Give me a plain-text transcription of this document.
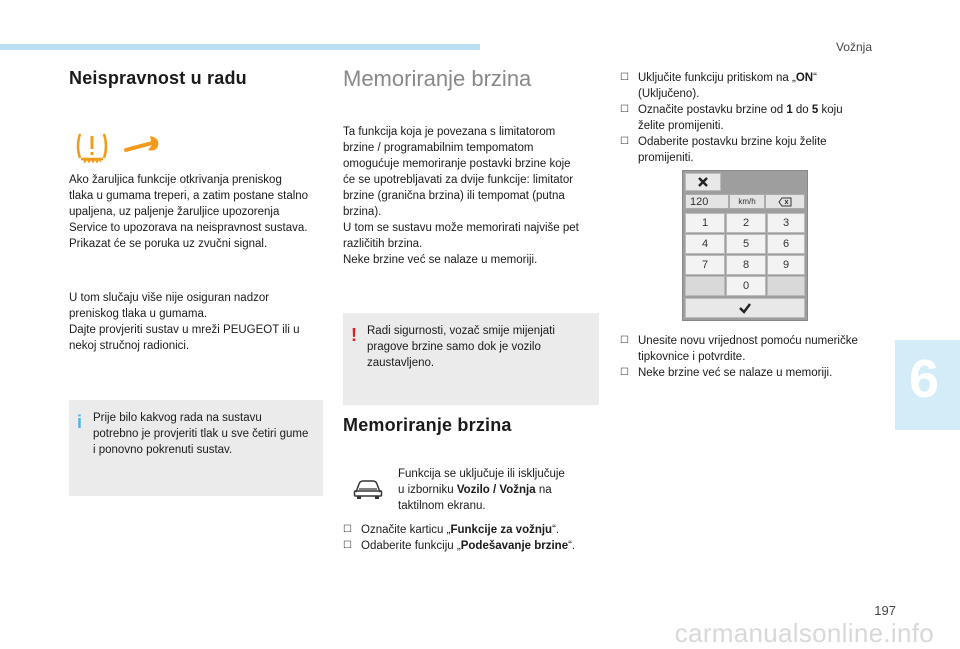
Vožnja
Neispravnost u radu

Ako žaruljica funkcije otkrivanja preniskog

tlaka u gumama treperi, a zatim postane stalno

upaljena, uz paljenje žaruljice upozorenja

Service to upozorava na neispravnost sustava.

Prikazat će se poruka uz zvučni signal.

U tom slučaju više nije osiguran nadzor

preniskog tlaka u gumama.

Dajte provjeriti sustav u mreži PEUGEOT ili u

nekoj stručnoj radionici.

i Prije bilo kakvog rada na sustavu

potrebno je provjeriti tlak u sve četiri gume

i ponovno pokrenuti sustav.

Memoriranje brzina

Ta funkcija koja je povezana s limitatorom

brzine / programabilnim tempomatom

omogućuje memoriranje postavki brzine koje

će se upotrebljavati za dvije funkcije: limitator

brzine (granična brzina) ili tempomat (putna

brzina).

U tom se sustavu može memorirati najviše pet

različitih brzina.

Neke brzine već se nalaze u memoriji.

! Radi sigurnosti, vozač smije mijenjati

pragove brzine samo dok je vozilo

zaustavljeno.

Memoriranje brzina

Funkcija se uključuje ili isključuje

u izborniku Vozilo / Vožnja na

taktilnom ekranu.

☐ Označite karticu „Funkcije za vožnju“.
☐ Odaberite funkciju „Podešavanje brzine“.
☐ Uključite funkciju pritiskom na „ON“
(Uključeno).
☐ Označite postavku brzine od 1 do 5 koju
želite promijeniti.
☐ Odaberite postavku brzine koju želite
promijeniti.
☐ Unesite novu vrijednost pomoću numeričke
tipkovnice i potvrdite.
☐ Neke brzine već se nalaze u memoriji.
120	km/h
1	2	3
4	5	6
7	8	9
0
6
197
carmanualsonline.info
